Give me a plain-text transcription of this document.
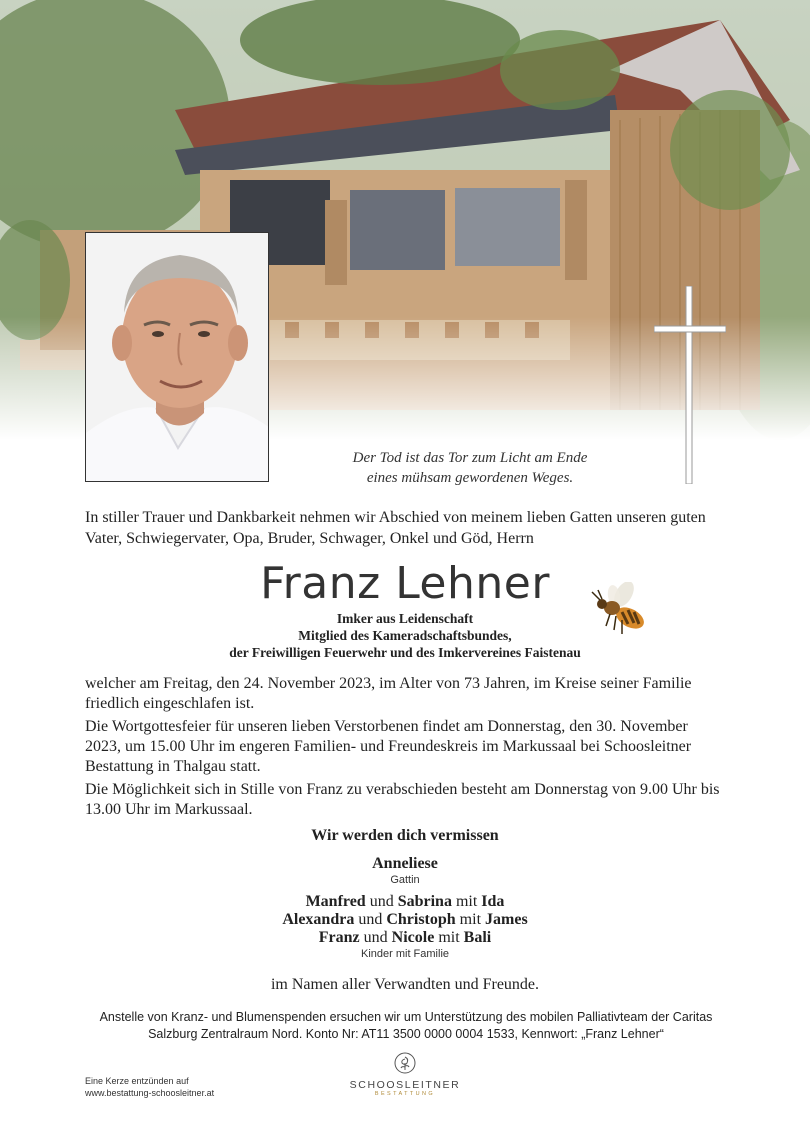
Der Tod ist das Tor zum Licht am Ende
eines mühsam gewordenen Weges.
In stiller Trauer und Dankbarkeit nehmen wir Abschied von meinem lieben Gatten unseren guten Vater, Schwiegervater, Opa, Bruder, Schwager, Onkel und Göd, Herrn
Franz Lehner
Imker aus Leidenschaft
Mitglied des Kameradschaftsbundes,
der Freiwilligen Feuerwehr und des Imkervereines Faistenau
welcher am Freitag, den 24. November 2023, im Alter von 73 Jahren, im Kreise seiner Familie friedlich eingeschlafen ist.
Die Wortgottesfeier für unseren lieben Verstorbenen findet am Donnerstag, den 30. November 2023, um 15.00 Uhr im engeren Familien- und Freundeskreis im Markussaal bei Schoosleitner Bestattung in Thalgau statt.
Die Möglichkeit sich in Stille von Franz zu verabschieden besteht am Donnerstag von 9.00 Uhr bis 13.00 Uhr im Markussaal.
Wir werden dich vermissen
Anneliese
Gattin
Manfred und Sabrina mit Ida
Alexandra und Christoph mit James
Franz und Nicole mit Bali
Kinder mit Familie
im Namen aller Verwandten und Freunde.
Anstelle von Kranz- und Blumenspenden ersuchen wir um Unterstützung des mobilen Palliativteam der Caritas
Salzburg Zentralraum Nord. Konto Nr: AT11 3500 0000 0004 1533, Kennwort: „Franz Lehner“
Eine Kerze entzünden auf
www.bestattung-schoosleitner.at
SCHOOSLEITNER
BESTATTUNG
